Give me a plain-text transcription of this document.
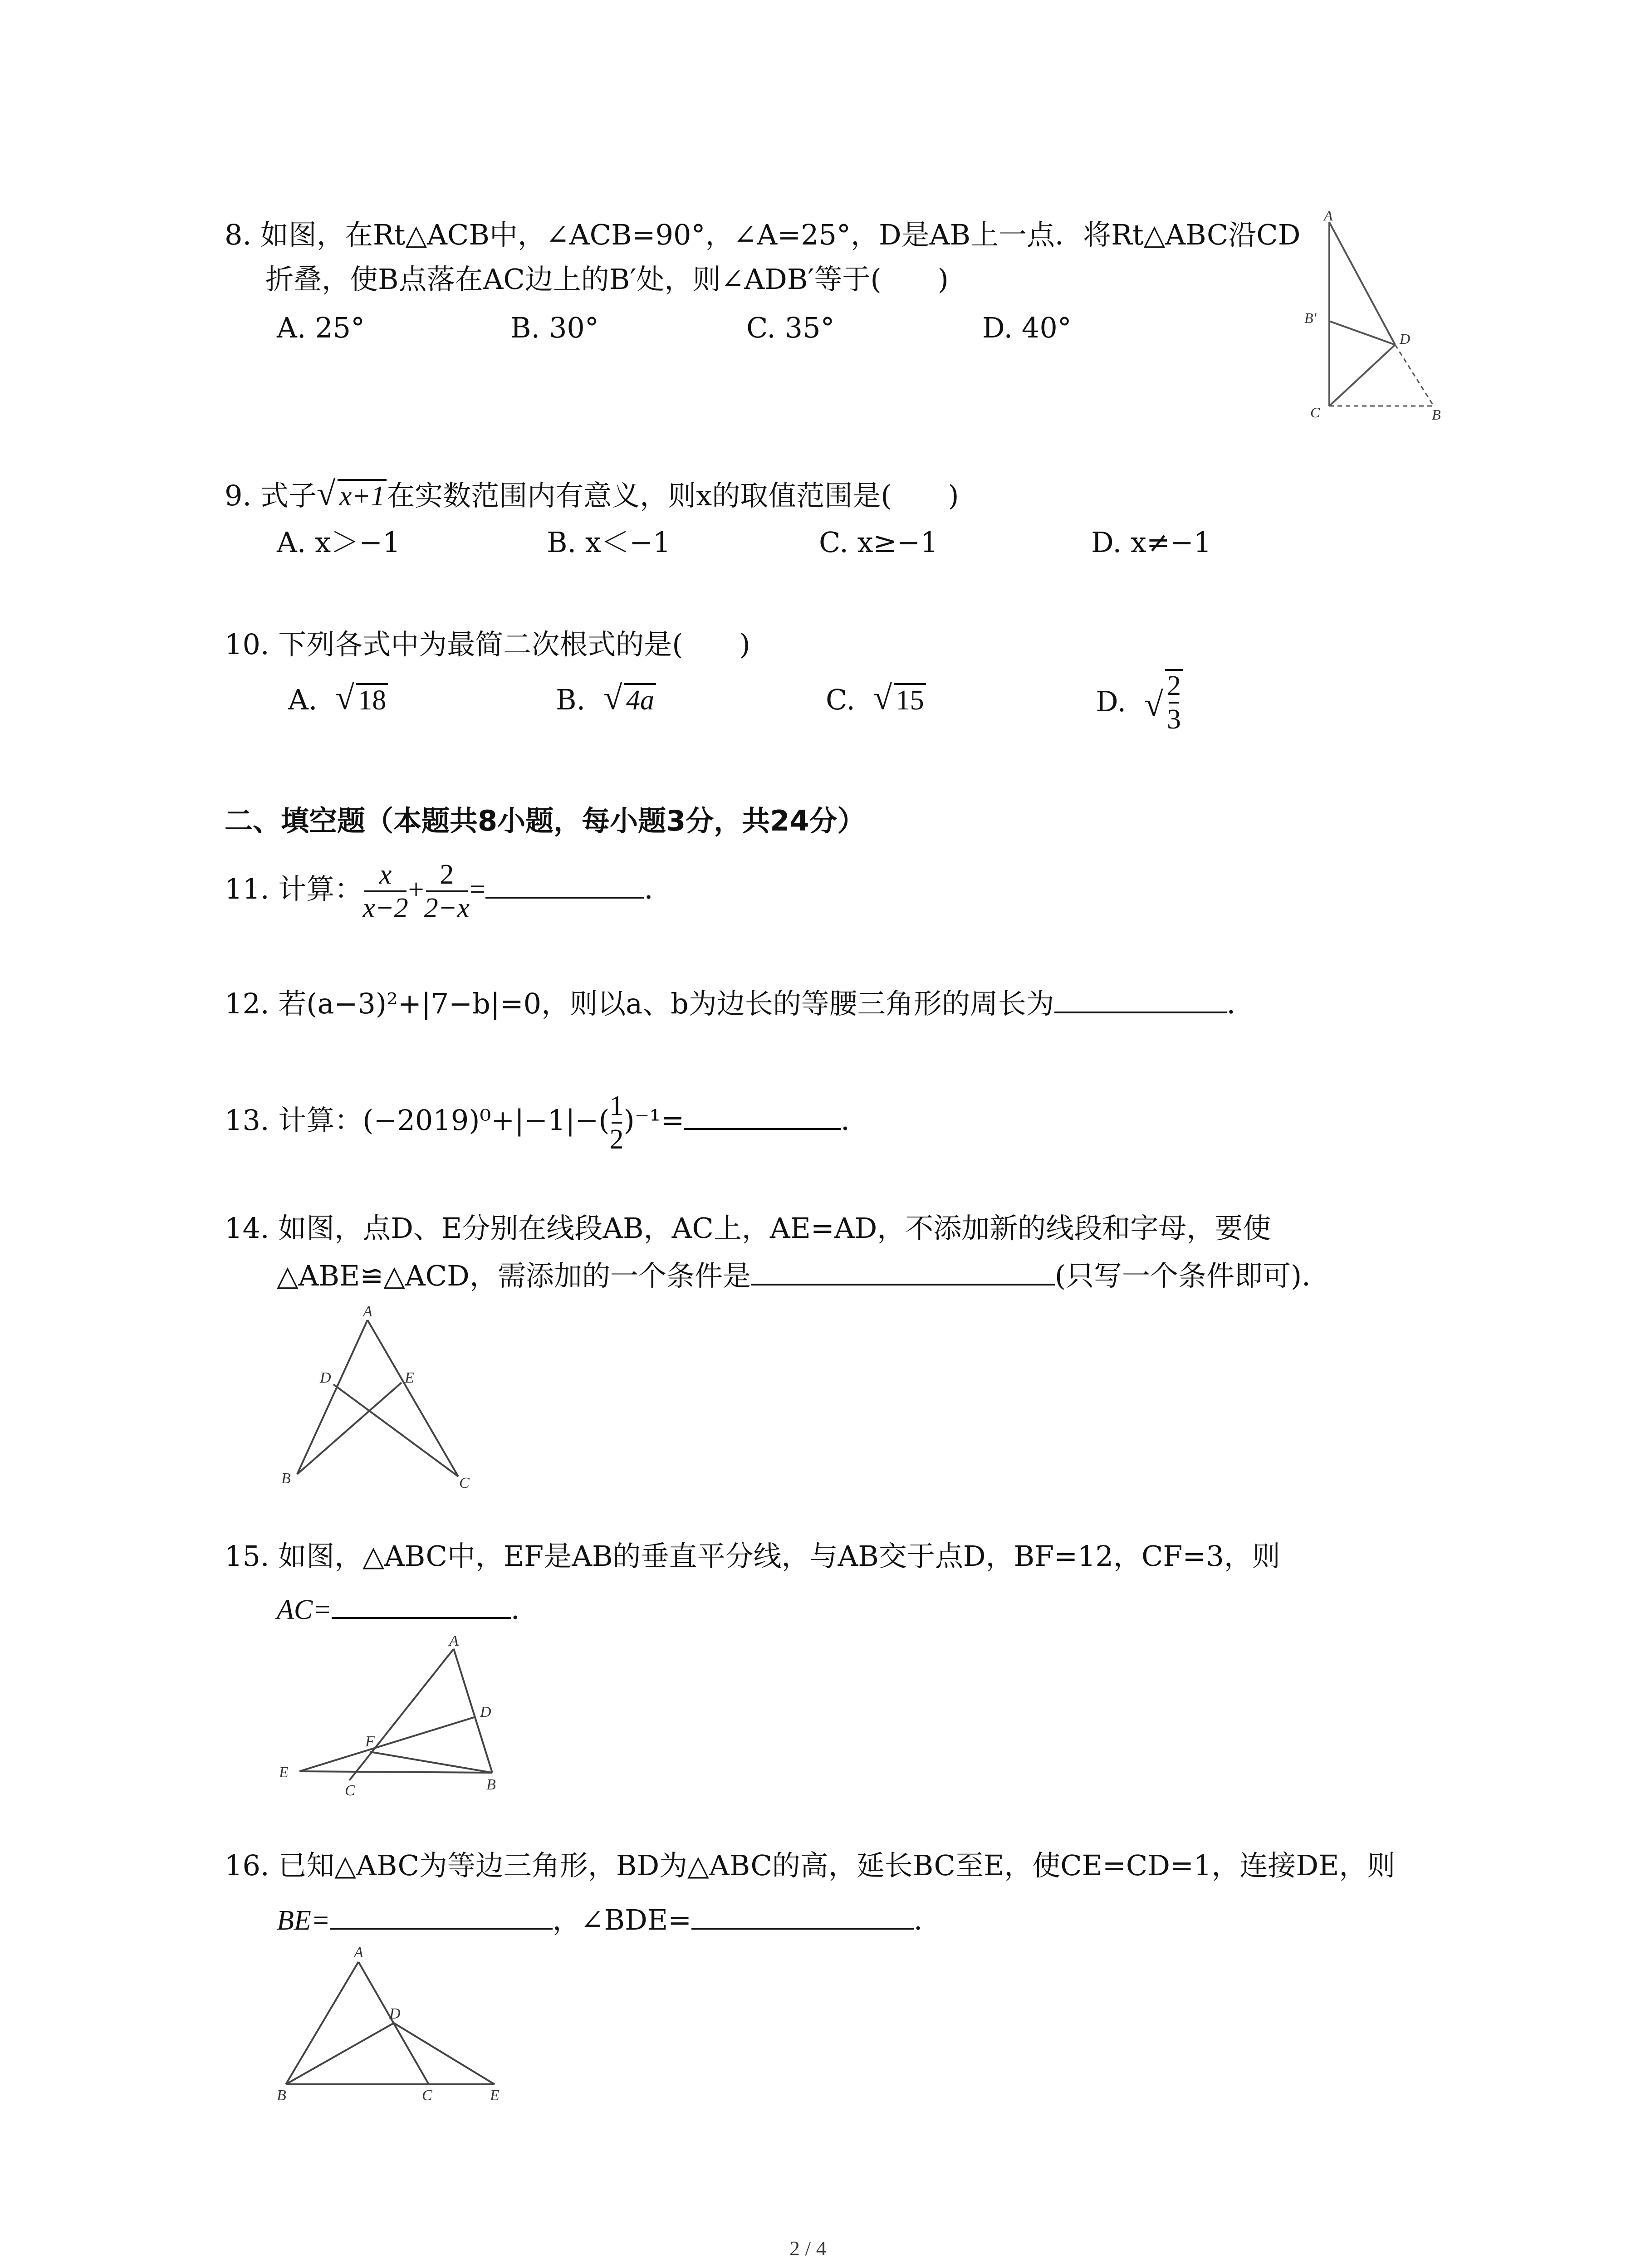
8. 如图，在Rt△ACB中，∠ACB=90°，∠A=25°，D是AB上一点．将Rt△ABC沿CD
折叠，使B点落在AC边上的B′处，则∠ADB′等于(　　)
A. 25°	B. 30°	C. 35°	D. 40°
A
B′
D
C	B
9. 式子 √ x+1在实数范围内有意义，则x的取值范围是(　　)
A. x＞−1	B. x＜−1	C. x≥−1	D. x≠−1
10. 下列各式中为最简二次根式的是(　　)
A. √ 18	B. √ 4a	C. √ 15	D. √ $\frac{2}{3}$
二、填空题（本题共8小题，每小题3分，共24分）
11. 计算： $\frac{x}{x-2} + \frac{2}{2-x}$ =	．
12. 若(a−3)²+|7−b|=0，则以a、b为边长的等腰三角形的周长为	．
13. 计算：$(-2019)^0+|-1|-( \frac{1}{2} )^{-1}=$	．
14. 如图，点D、E分别在线段AB，AC上，AE=AD，不添加新的线段和字母，要使
△ABE≌△ACD，需添加的一个条件是	(只写一个条件即可)．
A
D	E
B	C
15. 如图，△ABC中，EF是AB的垂直平分线，与AB交于点D，BF=12，CF=3，则
AC=	．
A
D
F
E
C	B
16. 已知△ABC为等边三角形，BD为△ABC的高，延长BC至E，使CE=CD=1，连接DE，则
BE=	，∠BDE=	．
A
D
B	C	E
2 / 4
